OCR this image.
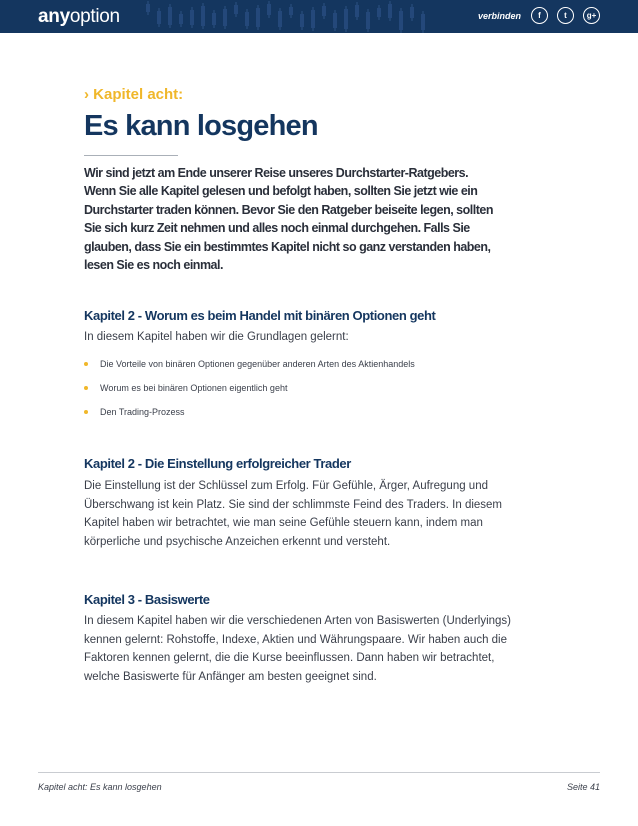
anyoption	verbinden f	t g+
› Kapitel acht:
Es kann losgehen
Wir sind jetzt am Ende unserer Reise unseres Durchstarter-Ratgebers.
Wenn Sie alle Kapitel gelesen und befolgt haben, sollten Sie jetzt wie ein
Durchstarter traden können. Bevor Sie den Ratgeber beiseite legen, sollten
Sie sich kurz Zeit nehmen und alles noch einmal durchgehen. Falls Sie
glauben, dass Sie ein bestimmtes Kapitel nicht so ganz verstanden haben,
lesen Sie es noch einmal.
Kapitel 2 - Worum es beim Handel mit binären Optionen geht
In diesem Kapitel haben wir die Grundlagen gelernt:
Die Vorteile von binären Optionen gegenüber anderen Arten des Aktienhandels
Worum es bei binären Optionen eigentlich geht
Den Trading-Prozess
Kapitel 2 - Die Einstellung erfolgreicher Trader
Die Einstellung ist der Schlüssel zum Erfolg. Für Gefühle, Ärger, Aufregung und
Überschwang ist kein Platz. Sie sind der schlimmste Feind des Traders. In diesem
Kapitel haben wir betrachtet, wie man seine Gefühle steuern kann, indem man
körperliche und psychische Anzeichen erkennt und versteht.
Kapitel 3 - Basiswerte
In diesem Kapitel haben wir die verschiedenen Arten von Basiswerten (Underlyings)
kennen gelernt: Rohstoffe, Indexe, Aktien und Währungspaare. Wir haben auch die
Faktoren kennen gelernt, die die Kurse beeinflussen. Dann haben wir betrachtet,
welche Basiswerte für Anfänger am besten geeignet sind.
Kapitel acht: Es kann losgehen	Seite 41
